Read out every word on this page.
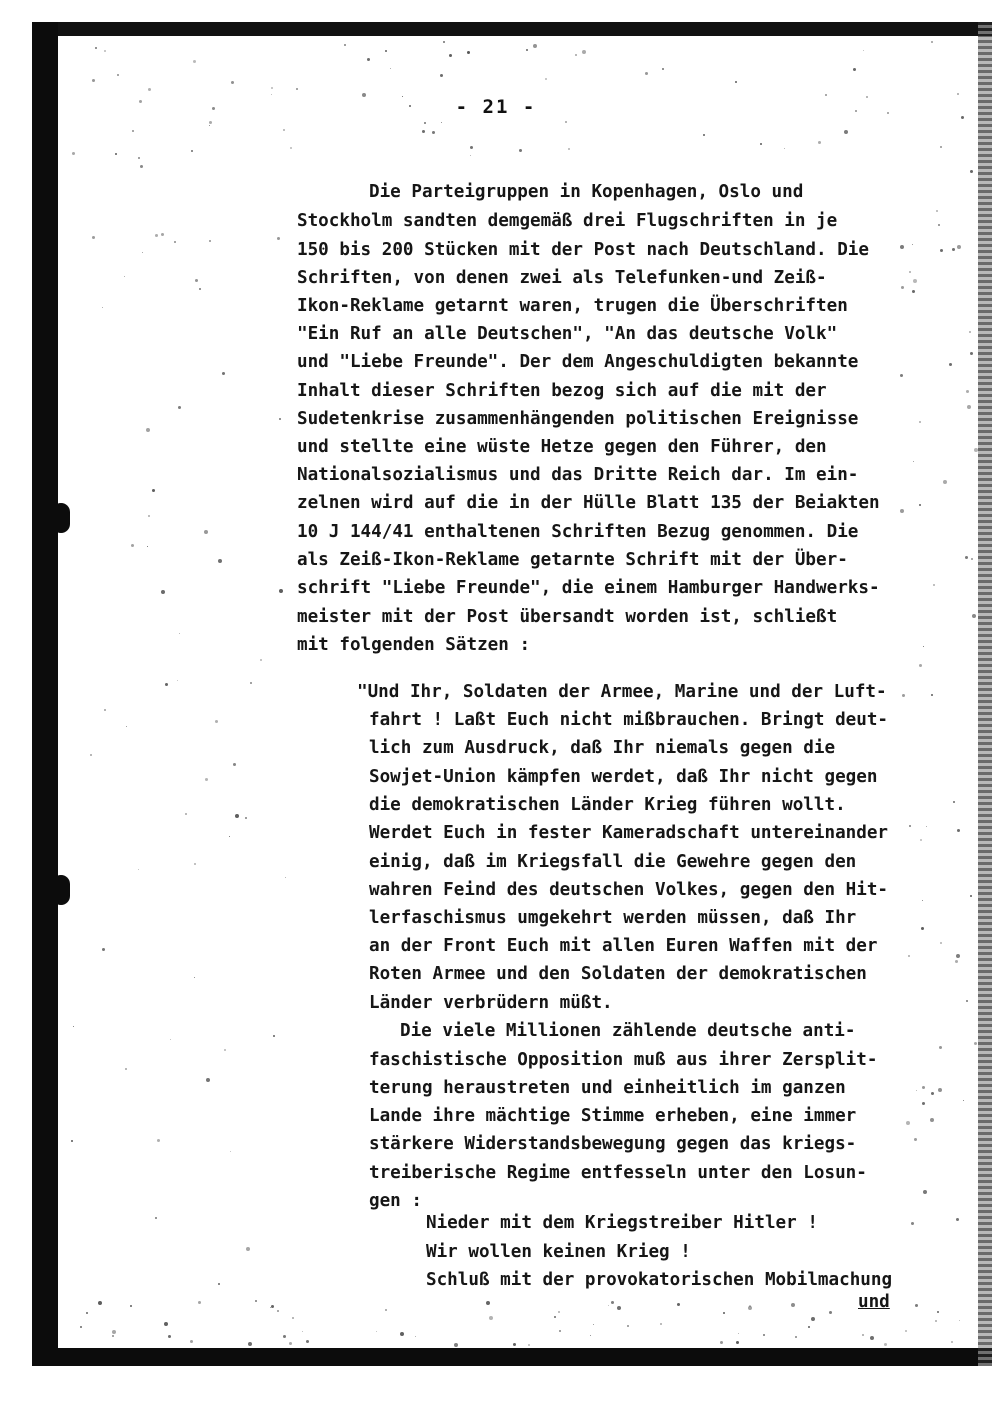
- 21 -
Die Parteigruppen in Kopenhagen, Oslo und
Stockholm sandten demgemäß drei Flugschriften in je
150 bis 200 Stücken mit der Post nach Deutschland. Die
Schriften, von denen zwei als Telefunken-und Zeiß-
Ikon-Reklame getarnt waren, trugen die Überschriften
"Ein Ruf an alle Deutschen", "An das deutsche Volk"
und "Liebe Freunde". Der dem Angeschuldigten bekannte
Inhalt dieser Schriften bezog sich auf die mit der
Sudetenkrise zusammenhängenden politischen Ereignisse
und stellte eine wüste Hetze gegen den Führer, den
Nationalsozialismus und das Dritte Reich dar. Im ein-
zelnen wird auf die in der Hülle Blatt 135 der Beiakten
10 J 144/41 enthaltenen Schriften Bezug genommen. Die
als Zeiß-Ikon-Reklame getarnte Schrift mit der Über-
schrift "Liebe Freunde", die einem Hamburger Handwerks-
meister mit der Post übersandt worden ist, schließt
mit folgenden Sätzen :
"Und Ihr, Soldaten der Armee, Marine und der Luft-
fahrt ! Laßt Euch nicht mißbrauchen. Bringt deut-
lich zum Ausdruck, daß Ihr niemals gegen die
Sowjet-Union kämpfen werdet, daß Ihr nicht gegen
die demokratischen Länder Krieg führen wollt.
Werdet Euch in fester Kameradschaft untereinander
einig, daß im Kriegsfall die Gewehre gegen den
wahren Feind des deutschen Volkes, gegen den Hit-
lerfaschismus umgekehrt werden müssen, daß Ihr
an der Front Euch mit allen Euren Waffen mit der
Roten Armee und den Soldaten der demokratischen
Länder verbrüdern müßt.
Die viele Millionen zählende deutsche anti-
faschistische Opposition muß aus ihrer Zersplit-
terung heraustreten und einheitlich im ganzen
Lande ihre mächtige Stimme erheben, eine immer
stärkere Widerstandsbewegung gegen das kriegs-
treiberische Regime entfesseln unter den Losun-
gen :
Nieder mit dem Kriegstreiber Hitler !
Wir wollen keinen Krieg !
Schluß mit der provokatorischen Mobilmachung
und
